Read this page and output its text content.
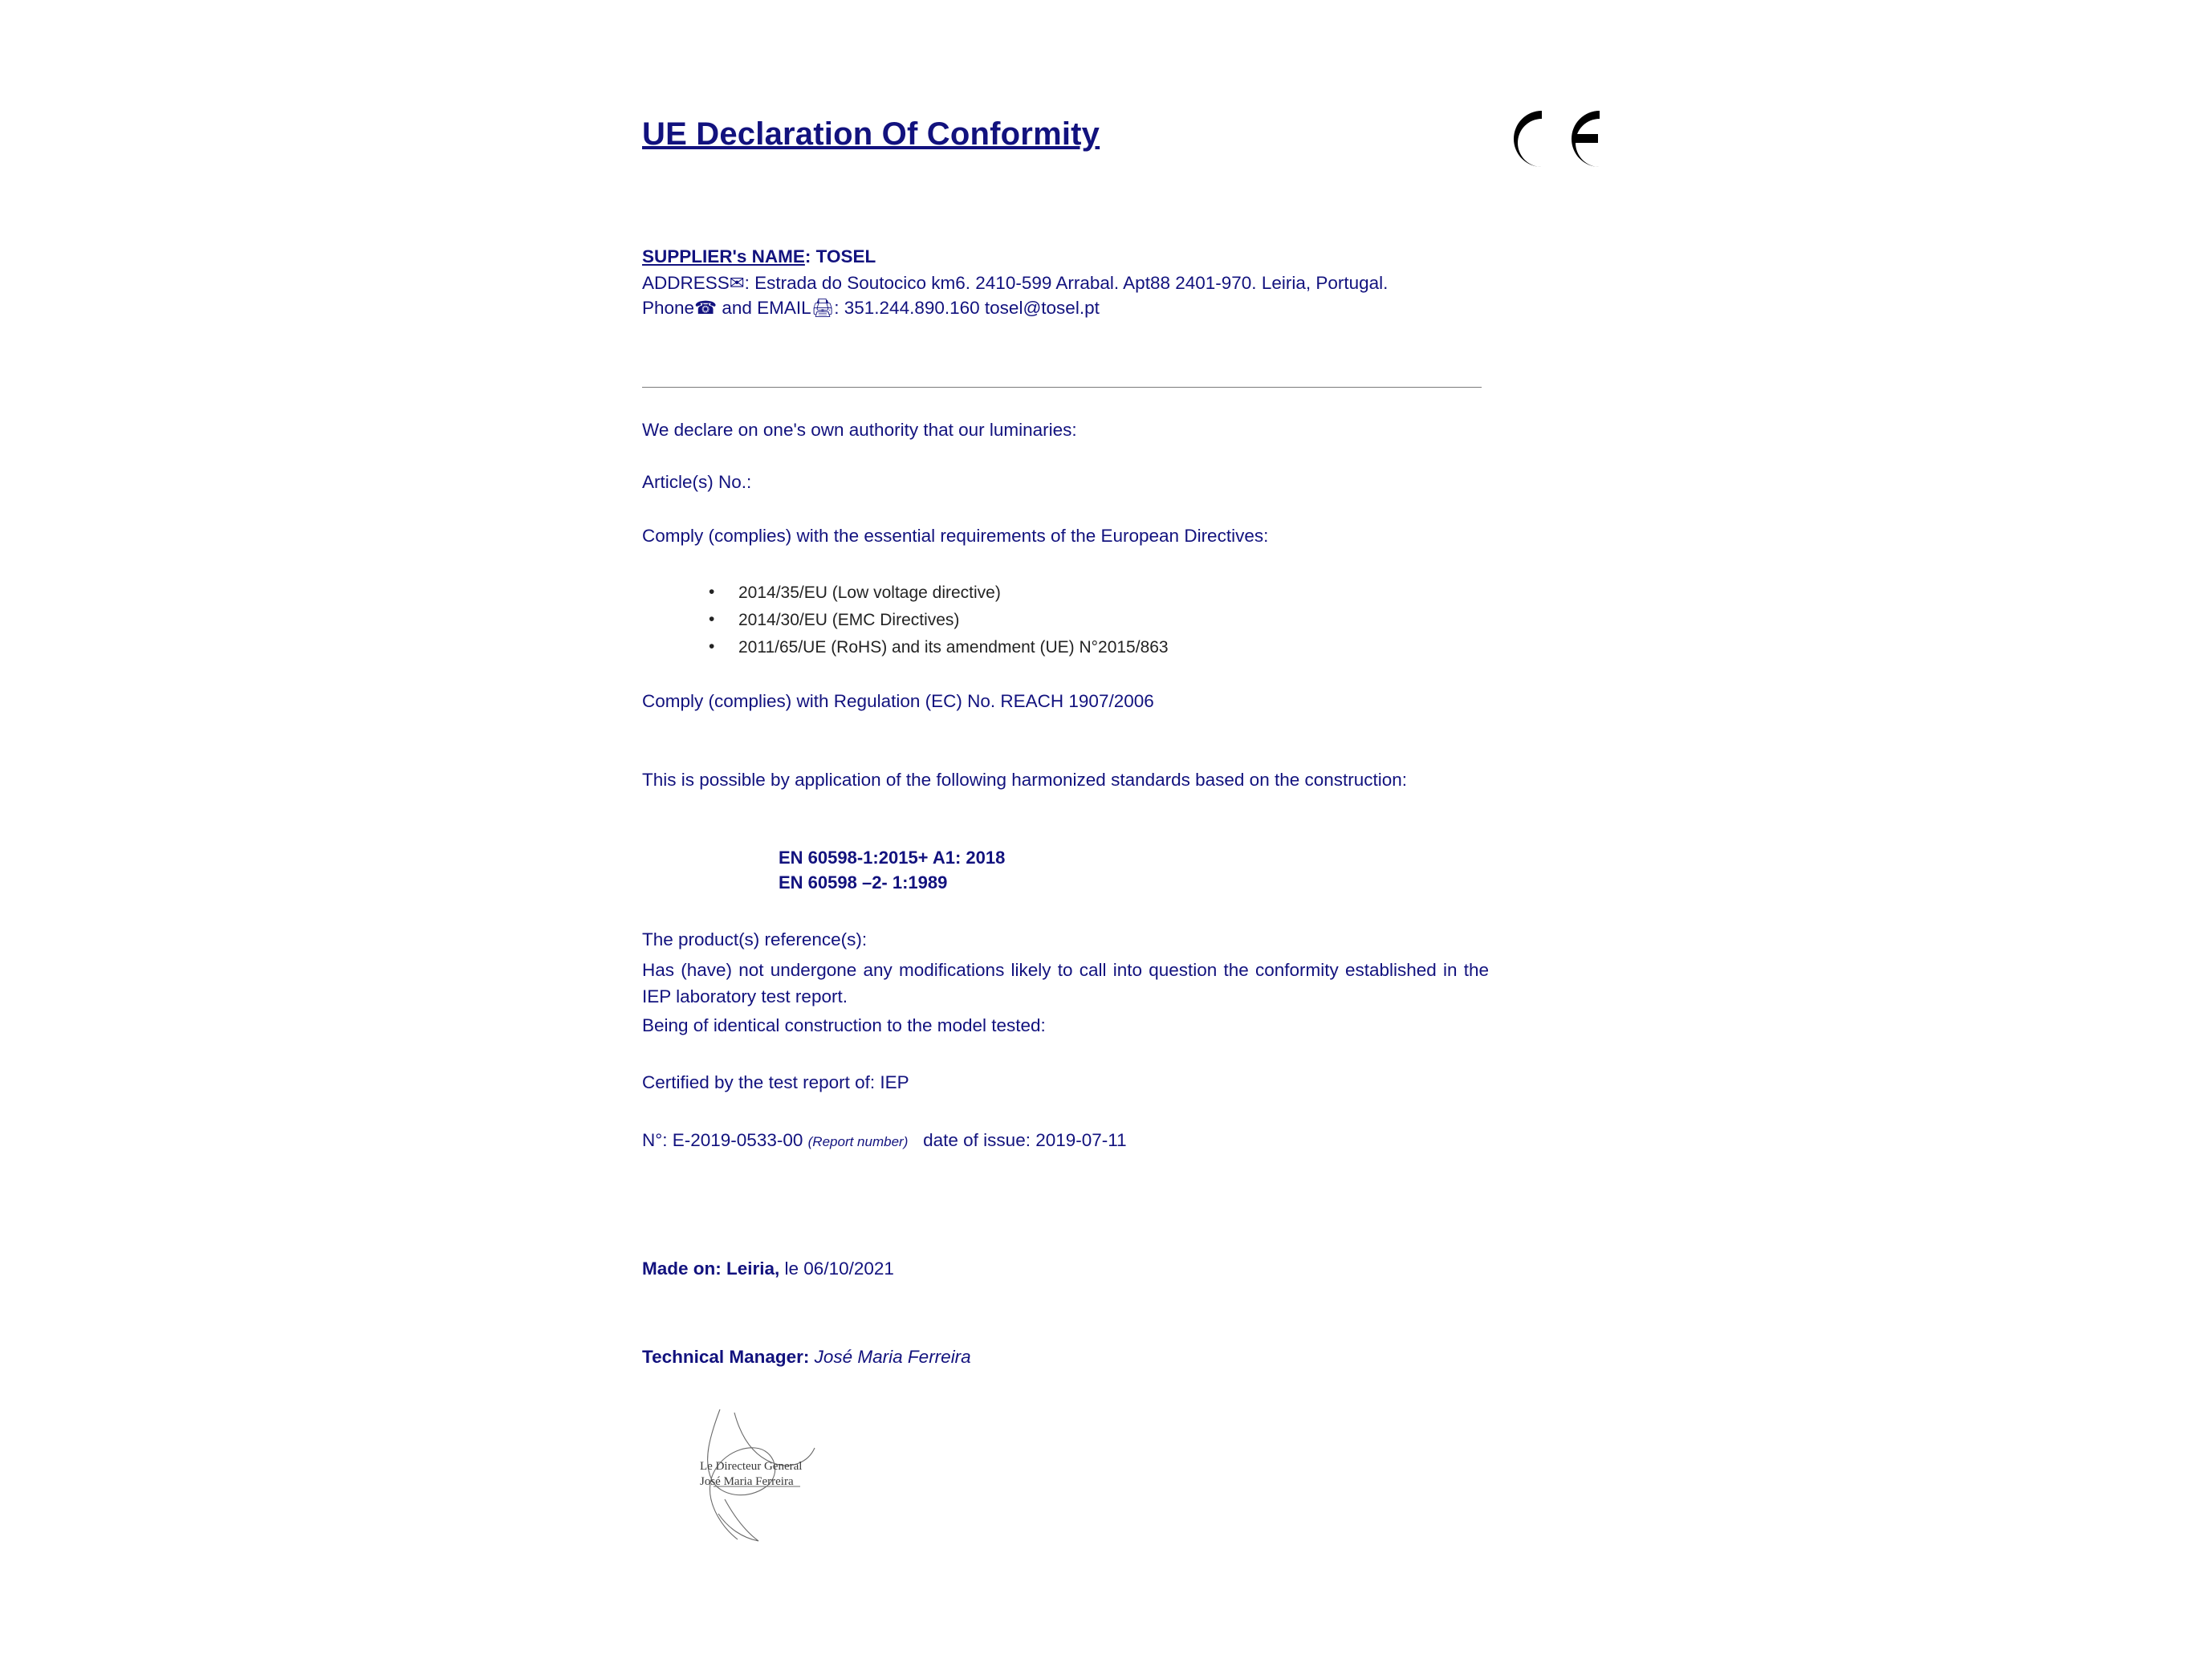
UE Declaration Of Conformity
SUPPLIER's NAME: TOSEL
ADDRESS✉: Estrada do Soutocico km6. 2410-599 Arrabal. Apt88 2401-970. Leiria, Portugal.
Phone☎ and EMAIL🖨: 351.244.890.160 tosel@tosel.pt
We declare on one's own authority that our luminaries:
Article(s) No.:
Comply (complies) with the essential requirements of the European Directives:
• 2014/35/EU (Low voltage directive)
• 2014/30/EU (EMC Directives)
• 2011/65/UE (RoHS) and its amendment (UE) N°2015/863
Comply (complies) with Regulation (EC) No. REACH 1907/2006
This is possible by application of the following harmonized standards based on the construction:
EN 60598-1:2015+ A1: 2018
EN 60598 –2- 1:1989
The product(s) reference(s):
Has (have) not undergone any modifications likely to call into question the conformity established in the IEP laboratory test report.
Being of identical construction to the model tested:
Certified by the test report of: IEP
N°: E-2019-0533-00 (Report number) date of issue: 2019-07-11
Made on: Leiria, le 06/10/2021
Technical Manager: José Maria Ferreira
Le Directeur General
José Maria Ferreira
